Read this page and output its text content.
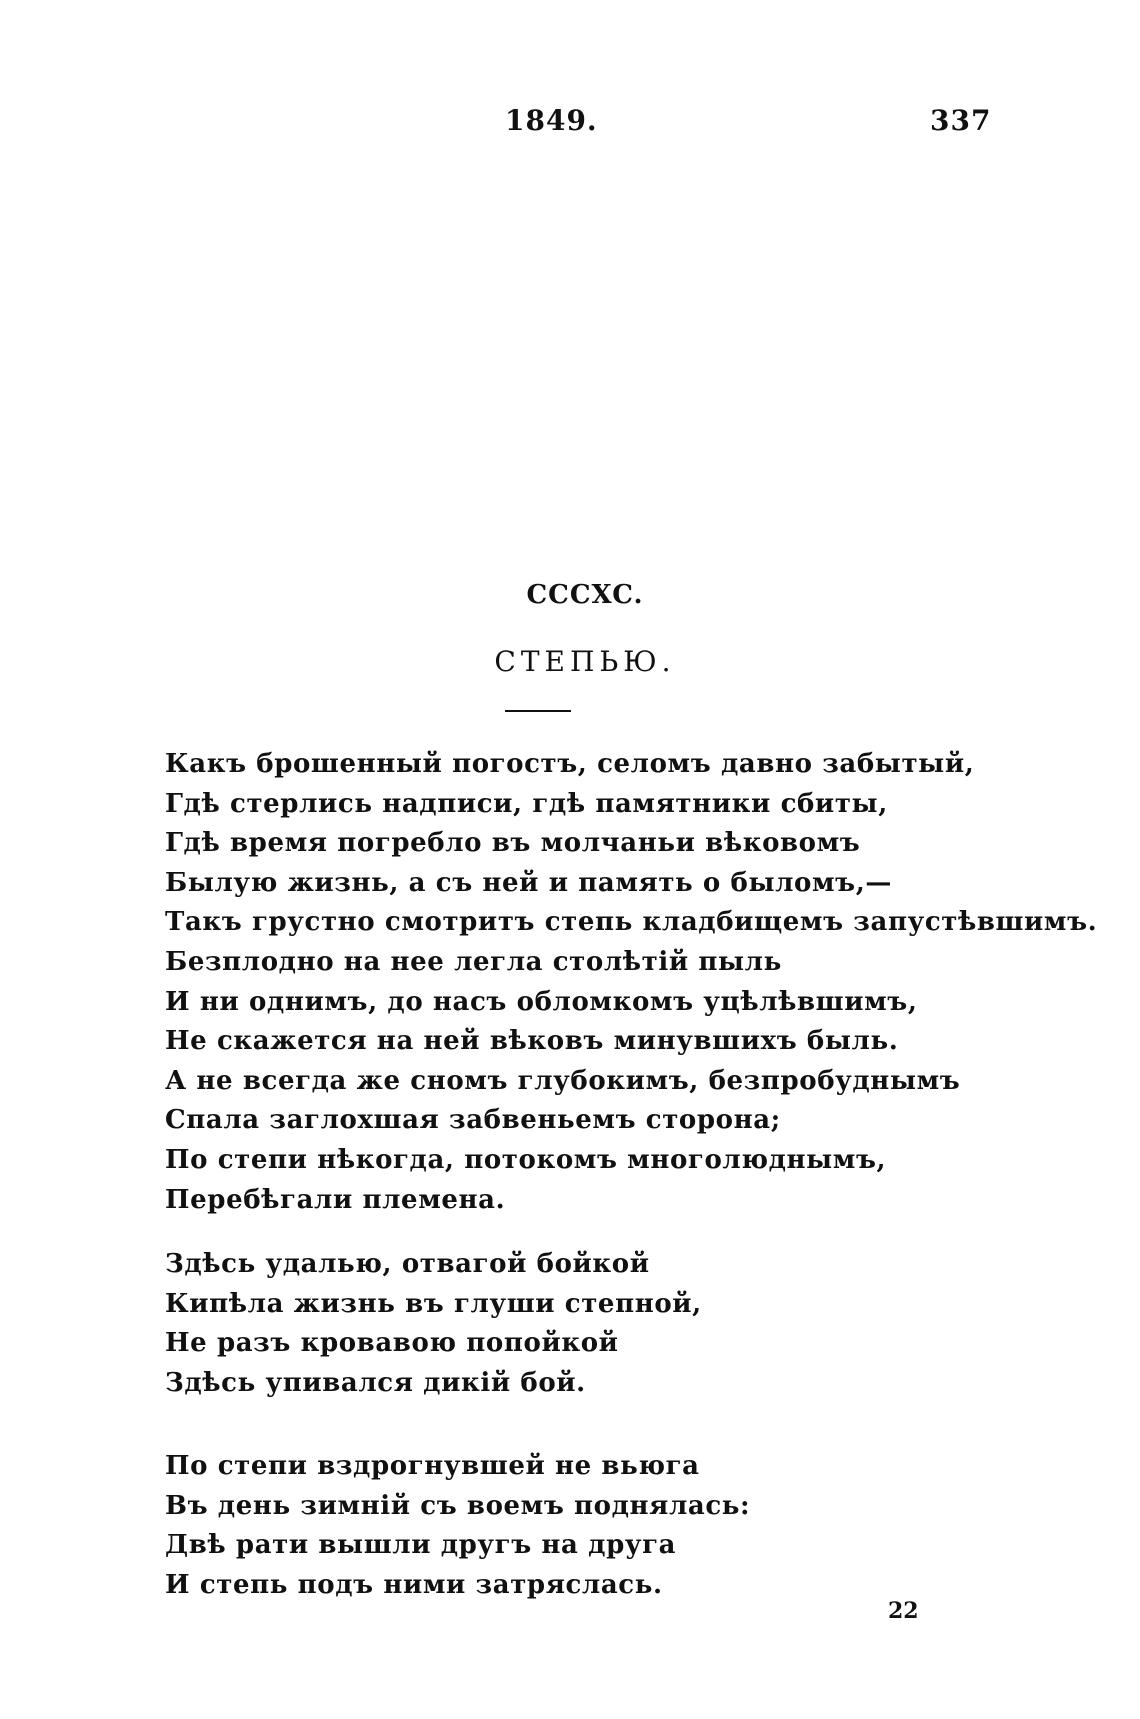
1849.	337
CCCXC.
СТЕПЬЮ.
Какъ брошенный погостъ, селомъ давно забытый,
Гдѣ стерлись надписи, гдѣ памятники сбиты,
Гдѣ время погребло въ молчаньи вѣковомъ
Былую жизнь, а съ ней и память о быломъ,—
Такъ грустно смотритъ степь кладбищемъ запустѣвшимъ.
Безплодно на нее легла столѣтій пыль
И ни однимъ, до насъ обломкомъ уцѣлѣвшимъ,
Не скажется на ней вѣковъ минувшихъ быль.
А не всегда же сномъ глубокимъ, безпробуднымъ
Спала заглохшая забвеньемъ сторона;
По степи нѣкогда, потокомъ многолюднымъ,
Перебѣгали племена.
Здѣсь удалью, отвагой бойкой
Кипѣла жизнь въ глуши степной,
Не разъ кровавою попойкой
Здѣсь упивался дикій бой.
По степи вздрогнувшей не вьюга
Въ день зимній съ воемъ поднялась:
Двѣ рати вышли другъ на друга
И степь подъ ними затряслась.
22
